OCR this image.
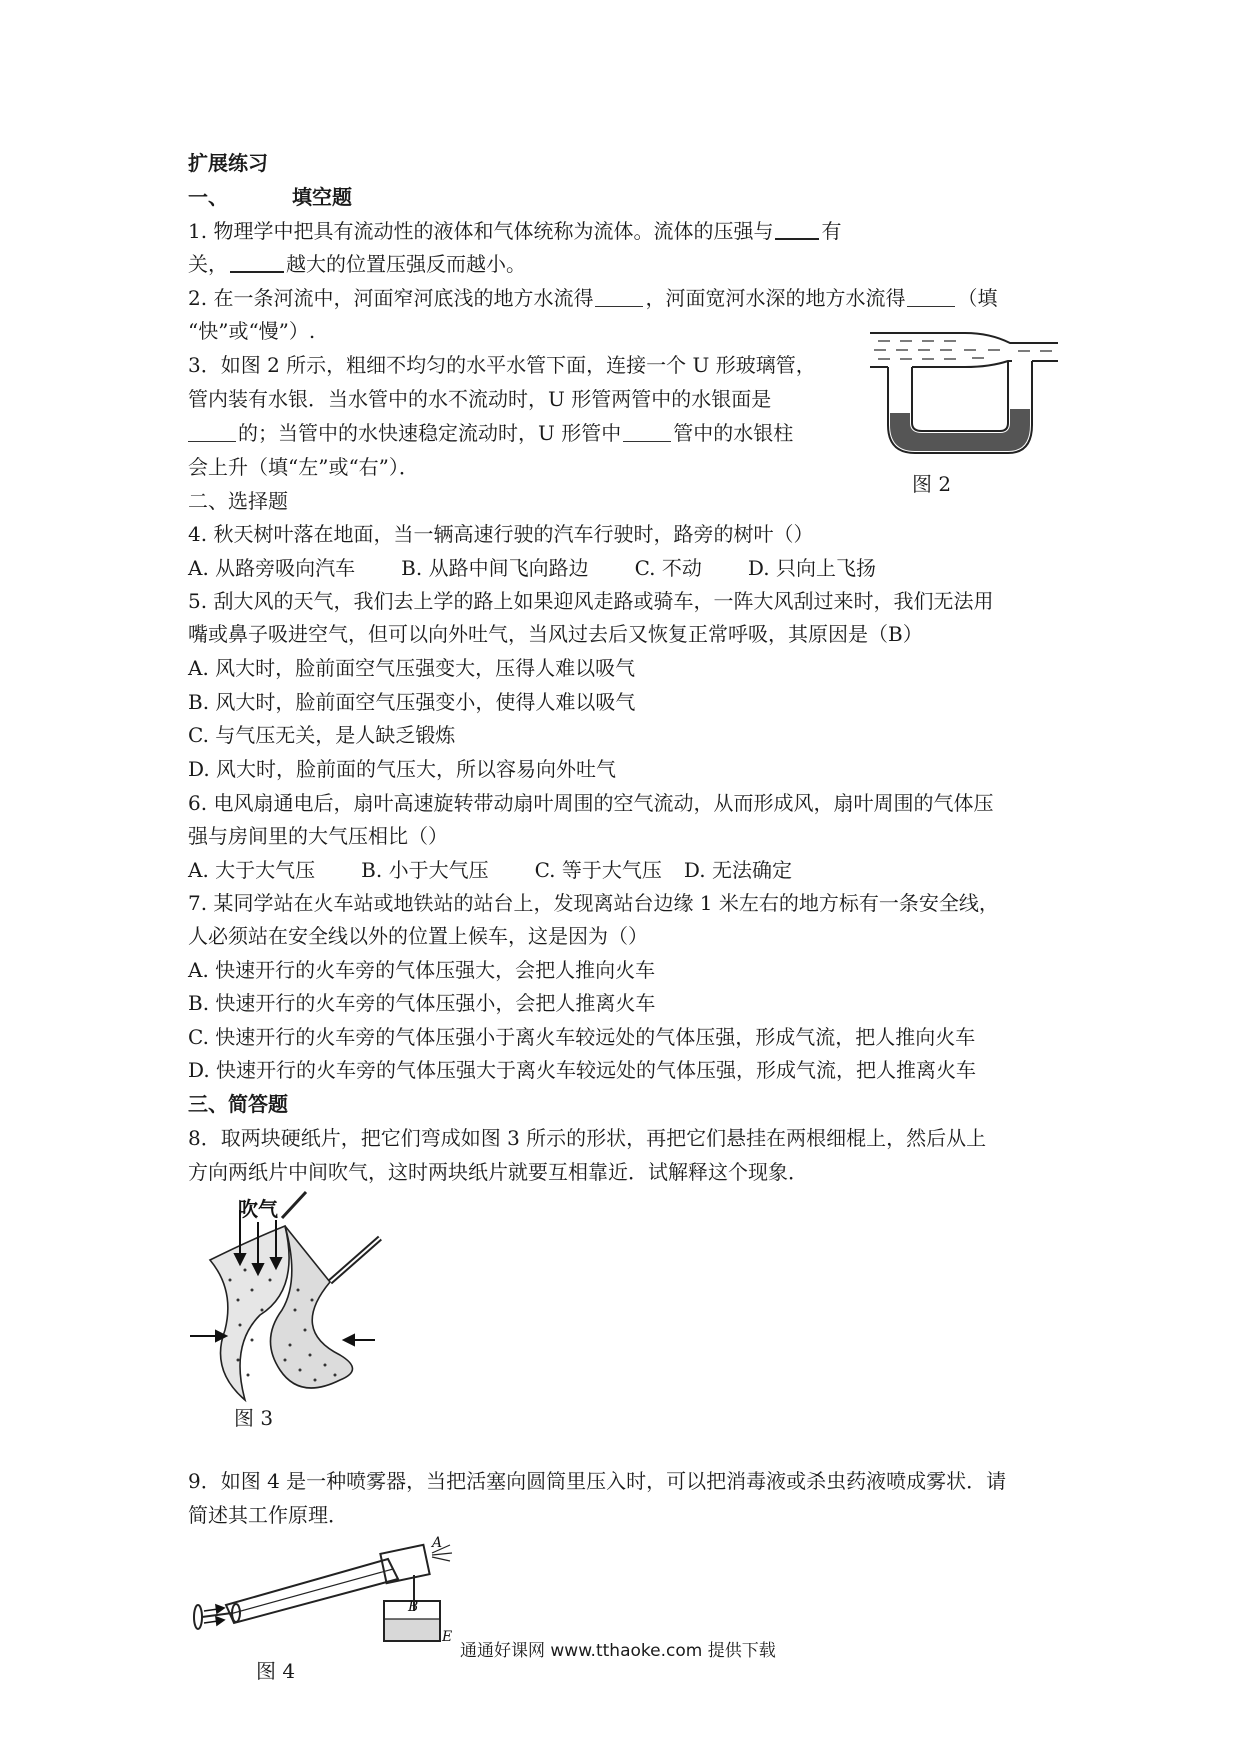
扩展练习
一、	填空题
1. 物理学中把具有流动性的液体和气体统称为流体。流体的压强与 有
关，	越大的位置压强反而越小。
2. 在一条河流中，河面窄河底浅的地方水流得	，河面宽河水深的地方水流得	（填
“快”或“慢”）.
3．如图 2 所示，粗细不均匀的水平水管下面，连接一个 U 形玻璃管，
管内装有水银．当水管中的水不流动时，U 形管两管中的水银面是
的；当管中的水快速稳定流动时，U 形管中	管中的水银柱
会上升（填“左”或“右”）．
图 2
二、选择题
4. 秋天树叶落在地面，当一辆高速行驶的汽车行驶时，路旁的树叶（）
A. 从路旁吸向汽车 B. 从路中间飞向路边 C. 不动 D. 只向上飞扬
5. 刮大风的天气，我们去上学的路上如果迎风走路或骑车，一阵大风刮过来时，我们无法用
嘴或鼻子吸进空气，但可以向外吐气，当风过去后又恢复正常呼吸，其原因是（B）
A. 风大时，脸前面空气压强变大，压得人难以吸气
B. 风大时，脸前面空气压强变小，使得人难以吸气
C. 与气压无关，是人缺乏锻炼
D. 风大时，脸前面的气压大，所以容易向外吐气
6. 电风扇通电后，扇叶高速旋转带动扇叶周围的空气流动，从而形成风，扇叶周围的气体压
强与房间里的大气压相比（）
A. 大于大气压 B. 小于大气压 C. 等于大气压 D. 无法确定
7. 某同学站在火车站或地铁站的站台上，发现离站台边缘 1 米左右的地方标有一条安全线，
人必须站在安全线以外的位置上候车，这是因为（）
A. 快速开行的火车旁的气体压强大，会把人推向火车
B. 快速开行的火车旁的气体压强小，会把人推离火车
C. 快速开行的火车旁的气体压强小于离火车较远处的气体压强，形成气流，把人推向火车
D. 快速开行的火车旁的气体压强大于离火车较远处的气体压强，形成气流，把人推离火车
三、简答题
8．取两块硬纸片，把它们弯成如图 3 所示的形状，再把它们悬挂在两根细棍上，然后从上
方向两纸片中间吹气，这时两块纸片就要互相靠近．试解释这个现象．
吹气
图 3
9．如图 4 是一种喷雾器，当把活塞向圆筒里压入时，可以把消毒液或杀虫药液喷成雾状．请
简述其工作原理．
A
B
E
图 4
通通好课网 www.tthaoke.com 提供下载
